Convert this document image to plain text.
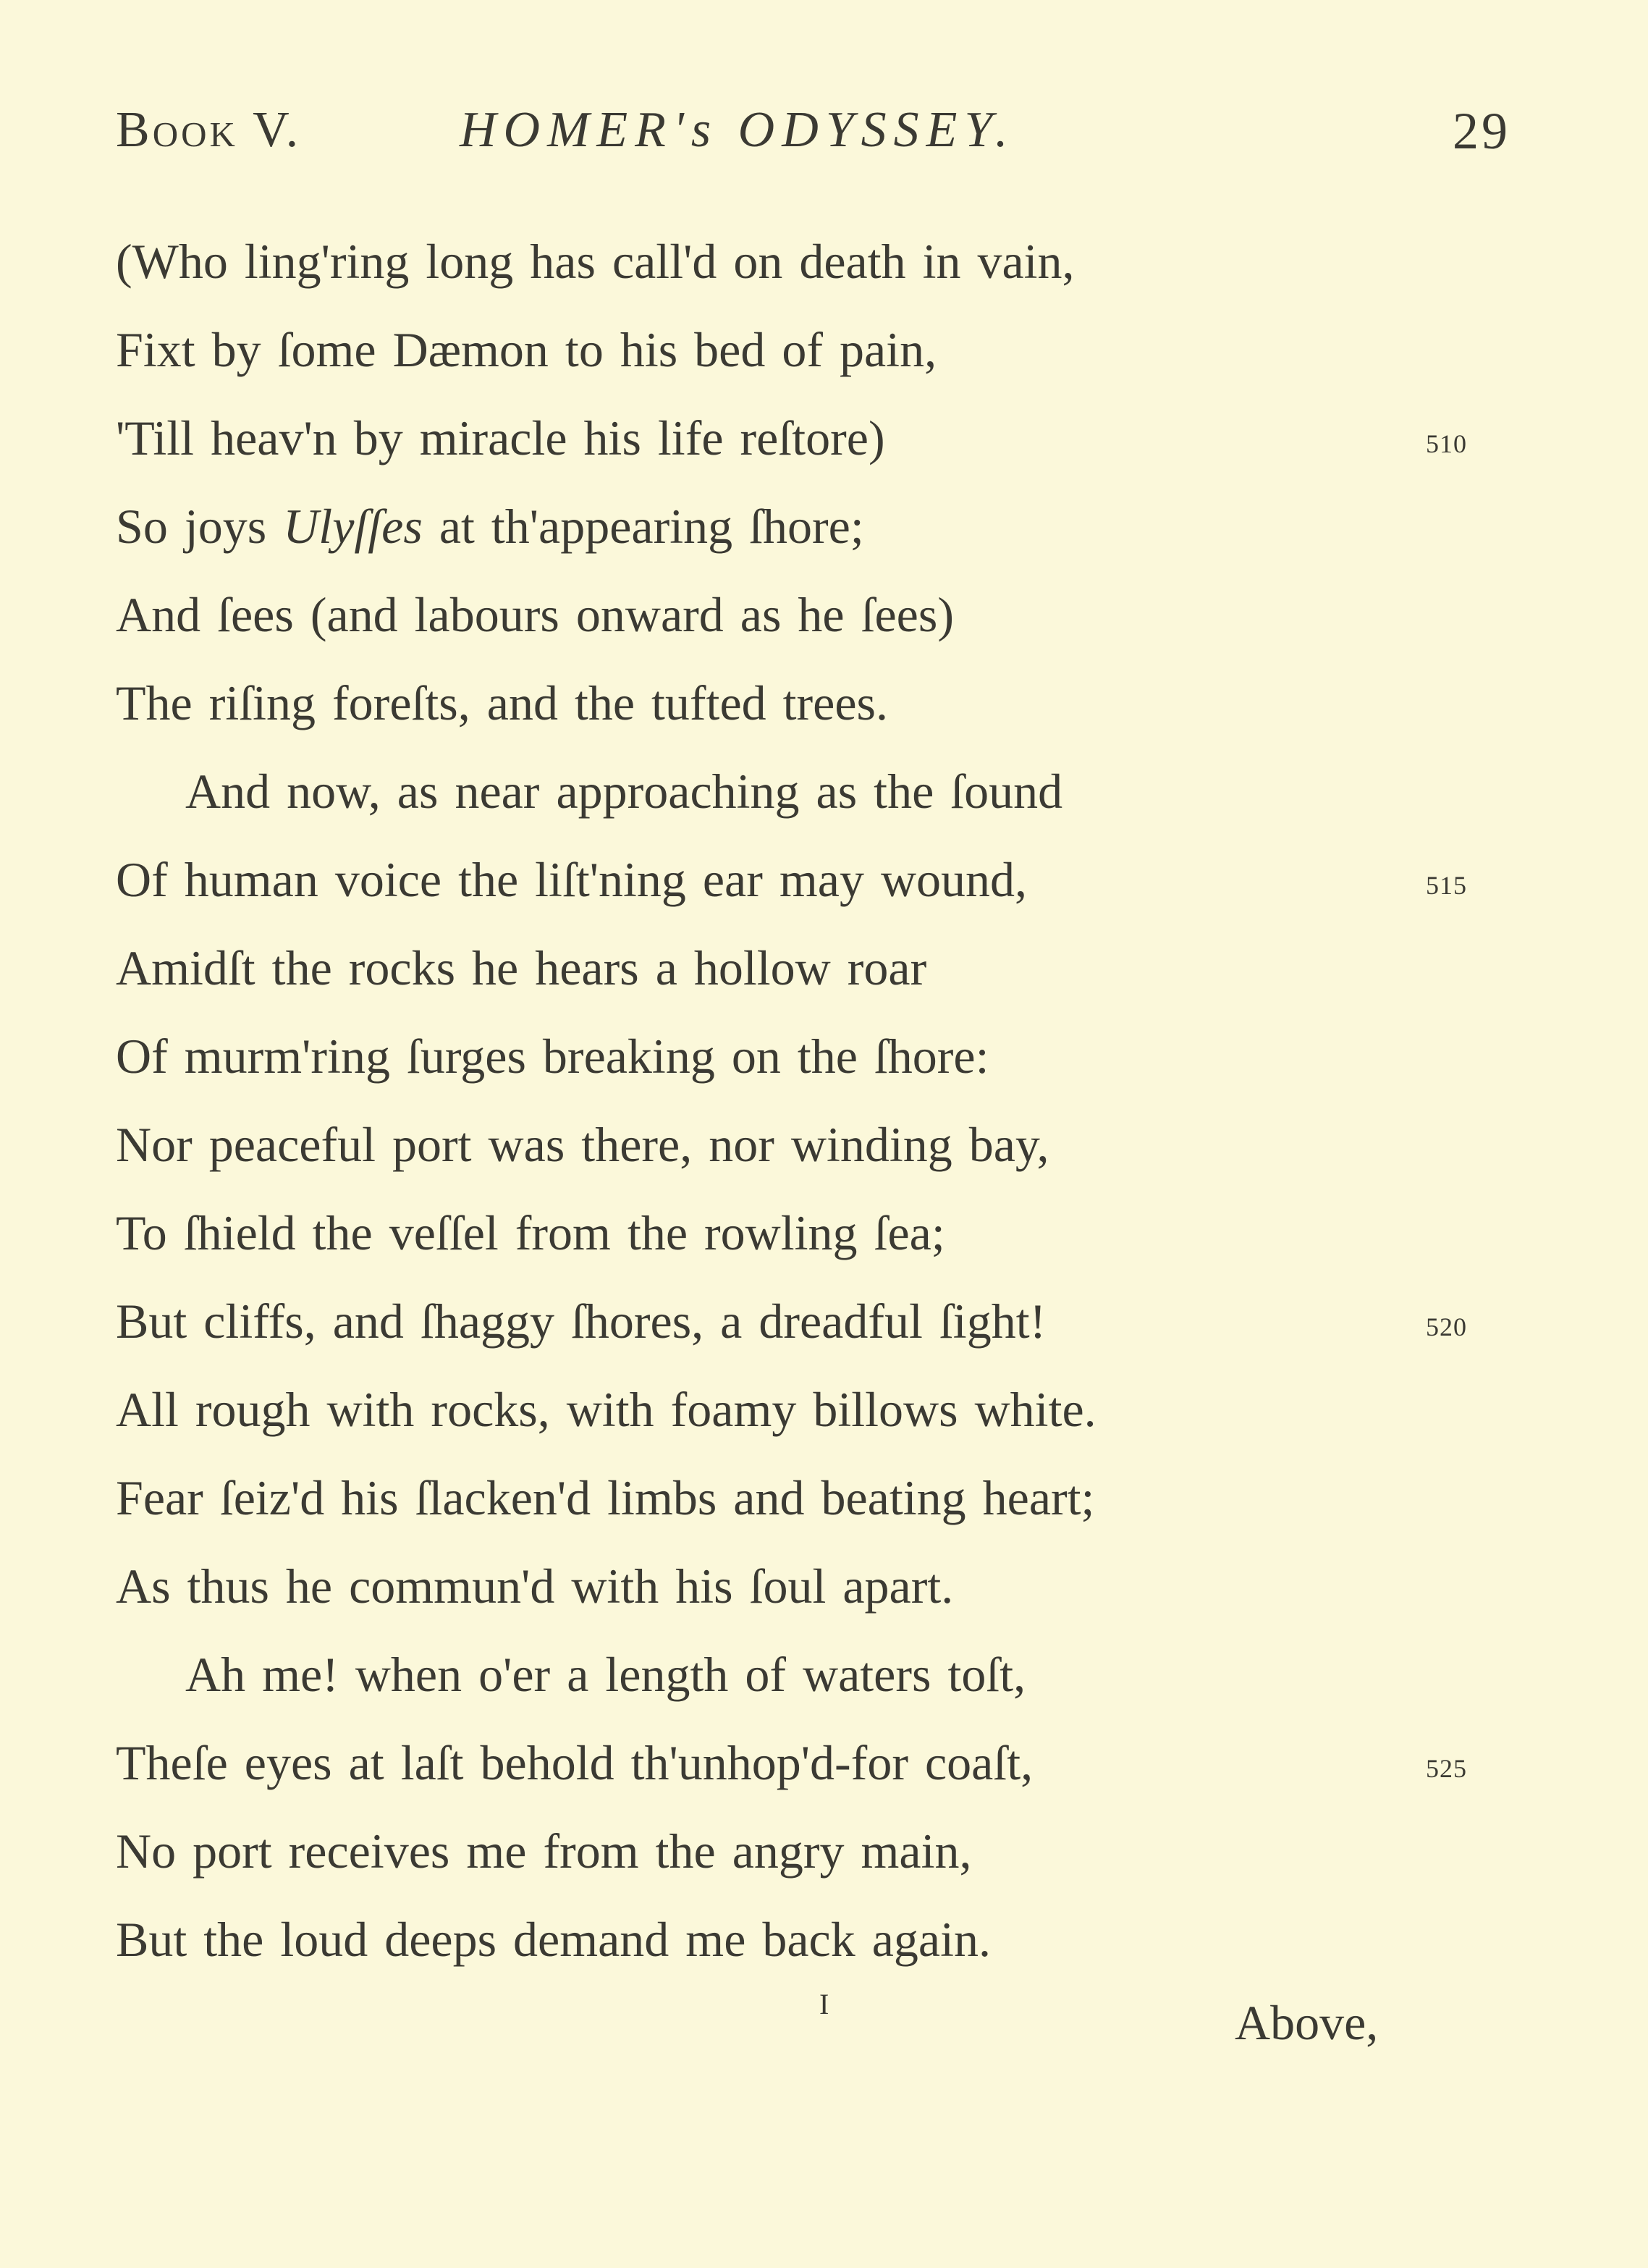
Book V.	HOMER's ODYSSEY.	29
(Who ling'ring long has call'd on death in vain,
Fixt by ſome Dæmon to his bed of pain,
'Till heav'n by miracle his life reſtore)	510
So joys Ulyſſes at th'appearing ſhore;
And ſees (and labours onward as he ſees)
The riſing foreſts, and the tufted trees.
And now, as near approaching as the ſound
Of human voice the liſt'ning ear may wound,	515
Amidſt the rocks he hears a hollow roar
Of murm'ring ſurges breaking on the ſhore:
Nor peaceful port was there, nor winding bay,
To ſhield the veſſel from the rowling ſea;
But cliffs, and ſhaggy ſhores, a dreadful ſight!	520
All rough with rocks, with foamy billows white.
Fear ſeiz'd his ſlacken'd limbs and beating heart;
As thus he commun'd with his ſoul apart.
Ah me! when o'er a length of waters toſt,
Theſe eyes at laſt behold th'unhop'd-for coaſt,	525
No port receives me from the angry main,
But the loud deeps demand me back again.
I	Above,
